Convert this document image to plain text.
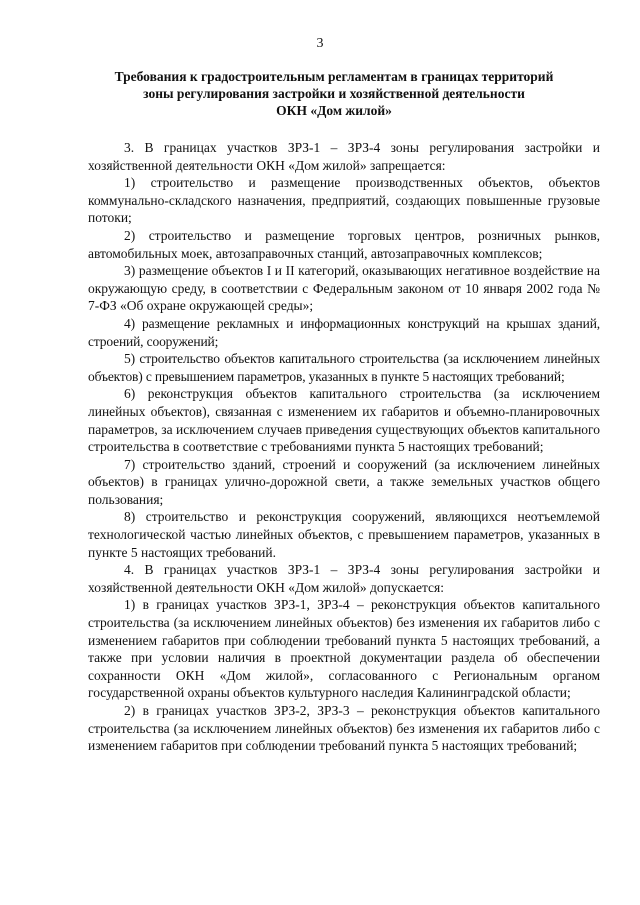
3
Требования к градостроительным регламентам в границах территорий
зоны регулирования застройки и хозяйственной деятельности
ОКН «Дом жилой»

3. В границах участков ЗРЗ-1 – ЗРЗ-4 зоны регулирования застройки и хозяйственной деятельности ОКН «Дом жилой» запрещается:

1) строительство и размещение производственных объектов, объектов коммунально-складского назначения, предприятий, создающих повышенные грузовые потоки;

2) строительство и размещение торговых центров, розничных рынков, автомобильных моек, автозаправочных станций, автозаправочных комплексов;

3) размещение объектов I и II категорий, оказывающих негативное воздействие на окружающую среду, в соответствии с Федеральным законом от 10 января 2002 года № 7-ФЗ «Об охране окружающей среды»;

4) размещение рекламных и информационных конструкций на крышах зданий, строений, сооружений;

5) строительство объектов капитального строительства (за исключением линейных объектов) с превышением параметров, указанных в пункте 5 настоящих требований;

6) реконструкция объектов капитального строительства (за исключением линейных объектов), связанная с изменением их габаритов и объемно-планировочных параметров, за исключением случаев приведения существующих объектов капитального строительства в соответствие с требованиями пункта 5 настоящих требований;

7) строительство зданий, строений и сооружений (за исключением линейных объектов) в границах улично-дорожной свети, а также земельных участков общего пользования;

8) строительство и реконструкция сооружений, являющихся неотъемлемой технологической частью линейных объектов, с превышением параметров, указанных в пункте 5 настоящих требований.

4. В границах участков ЗРЗ-1 – ЗРЗ-4 зоны регулирования застройки и хозяйственной деятельности ОКН «Дом жилой» допускается:

1) в границах участков ЗРЗ-1, ЗРЗ-4 – реконструкция объектов капитального строительства (за исключением линейных объектов) без изменения их габаритов либо с изменением габаритов при соблюдении требований пункта 5 настоящих требований, а также при условии наличия в проектной документации раздела об обеспечении сохранности ОКН «Дом жилой», согласованного с Региональным органом государственной охраны объектов культурного наследия Калининградской области;

2) в границах участков ЗРЗ-2, ЗРЗ-3 – реконструкция объектов капитального строительства (за исключением линейных объектов) без изменения их габаритов либо с изменением габаритов при соблюдении требований пункта 5 настоящих требований;
